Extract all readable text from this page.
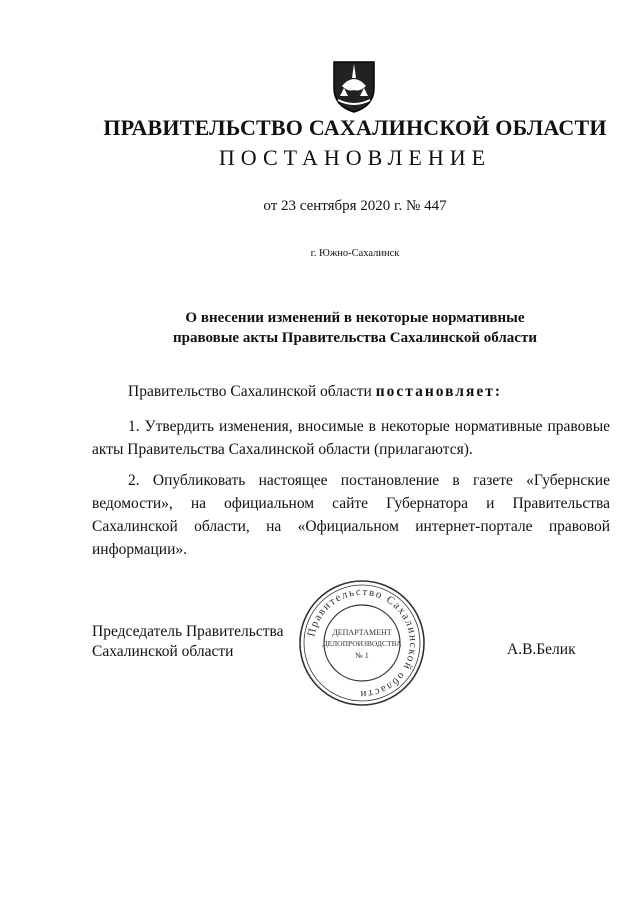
ПРАВИТЕЛЬСТВО САХАЛИНСКОЙ ОБЛАСТИ
ПОСТАНОВЛЕНИЕ
от 23 сентября 2020 г. № 447
г. Южно-Сахалинск
О внесении изменений в некоторые нормативные
правовые акты Правительства Сахалинской области
Правительство Сахалинской области постановляет:
1. Утвердить изменения, вносимые в некоторые нормативные правовые акты Правительства Сахалинской области (прилагаются).
2. Опубликовать настоящее постановление в газете «Губернские ведомости», на официальном сайте Губернатора и Правительства Сахалинской области, на «Официальном интернет-портале правовой информации».
Председатель Правительства
Сахалинской области	А.В.Белик
Правительство Сахалинской области
ДЕПАРТАМЕНТ
ДЕЛОПРОИЗВОДСТВА
№ 1
